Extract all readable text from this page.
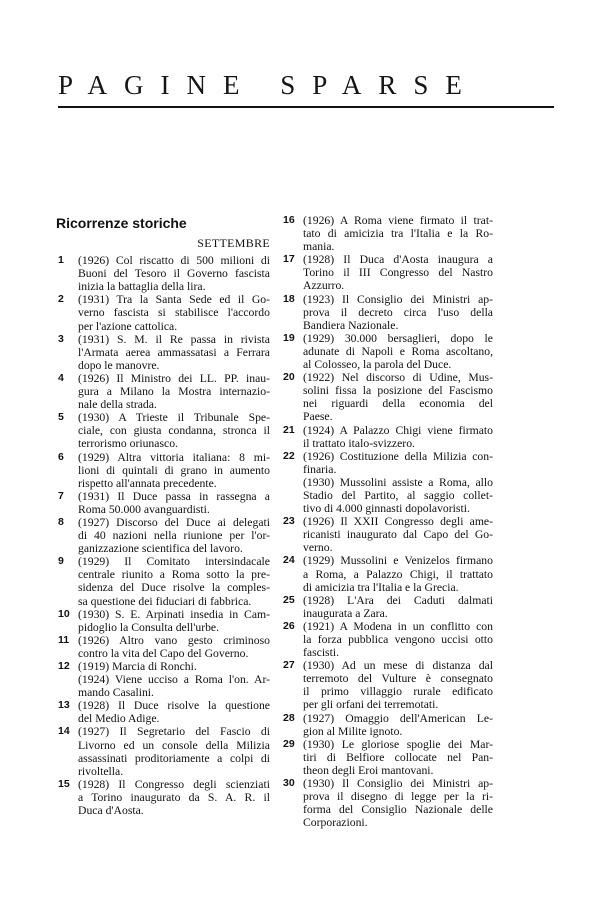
PAGINE SPARSE
Ricorrenze storiche
SETTEMBRE
1	(1926) Col riscatto di 500 milioni di
Buoni del Tesoro il Governo fascista
inizia la battaglia della lira.
2	(1931) Tra la Santa Sede ed il Go-
verno fascista si stabilisce l'accordo
per l'azione cattolica.
3	(1931) S. M. il Re passa in rivista
l'Armata aerea ammassatasi a Ferrara
dopo le manovre.
4	(1926) Il Ministro dei LL. PP. inau-
gura a Milano la Mostra internazio-
nale della strada.
5	(1930) A Trieste il Tribunale Spe-
ciale, con giusta condanna, stronca il
terrorismo oriunasco.
6	(1929) Altra vittoria italiana: 8 mi-
lioni di quintali di grano in aumento
rispetto all'annata precedente.
7	(1931) Il Duce passa in rassegna a
Roma 50.000 avanguardisti.
8	(1927) Discorso del Duce ai delegati
di 40 nazioni nella riunione per l'or-
ganizzazione scientifica del lavoro.
9	(1929) Il Comitato intersindacale
centrale riunito a Roma sotto la pre-
sidenza del Duce risolve la comples-
sa questione dei fiduciari di fabbrica.
10 (1930) S. E. Arpinati insedia in Cam-
pidoglio la Consulta dell'urbe.
11 (1926) Altro vano gesto criminoso
contro la vita del Capo del Governo.
12 (1919) Marcia di Ronchi.
(1924) Viene ucciso a Roma l'on. Ar-
mando Casalini.
13 (1928) Il Duce risolve la questione
del Medio Adige.
14 (1927) Il Segretario del Fascio di
Livorno ed un console della Milizia
assassinati proditoriamente a colpi di
rivoltella.
15 (1928) Il Congresso degli scienziati
a Torino inaugurato da S. A. R. il
Duca d'Aosta.
16 (1926) A Roma viene firmato il trat-
tato di amicizia tra l'Italia e la Ro-
mania.
17 (1928) Il Duca d'Aosta inaugura a
Torino il III Congresso del Nastro
Azzurro.
18 (1923) Il Consiglio dei Ministri ap-
prova il decreto circa l'uso della
Bandiera Nazionale.
19 (1929) 30.000 bersaglieri, dopo le
adunate di Napoli e Roma ascoltano,
al Colosseo, la parola del Duce.
20 (1922) Nel discorso di Udine, Mus-
solini fissa la posizione del Fascismo
nei riguardi della economia del
Paese.
21 (1924) A Palazzo Chigi viene firmato
il trattato italo-svizzero.
22 (1926) Costituzione della Milizia con-
finaria.
(1930) Mussolini assiste a Roma, allo
Stadio del Partito, al saggio collet-
tivo di 4.000 ginnasti dopolavoristi.
23 (1926) Il XXII Congresso degli ame-
ricanisti inaugurato dal Capo del Go-
verno.
24 (1929) Mussolini e Venizelos firmano
a Roma, a Palazzo Chigi, il trattato
di amicizia tra l'Italia e la Grecia.
25 (1928) L'Ara dei Caduti dalmati
inaugurata a Zara.
26 (1921) A Modena in un conflitto con
la forza pubblica vengono uccisi otto
fascisti.
27 (1930) Ad un mese di distanza dal
terremoto del Vulture è consegnato
il primo villaggio rurale edificato
per gli orfani dei terremotati.
28 (1927) Omaggio dell'American Le-
gion al Milite ignoto.
29 (1930) Le gloriose spoglie dei Mar-
tiri di Belfiore collocate nel Pan-
theon degli Eroi mantovani.
30 (1930) Il Consiglio dei Ministri ap-
prova il disegno di legge per la ri-
forma del Consiglio Nazionale delle
Corporazioni.
